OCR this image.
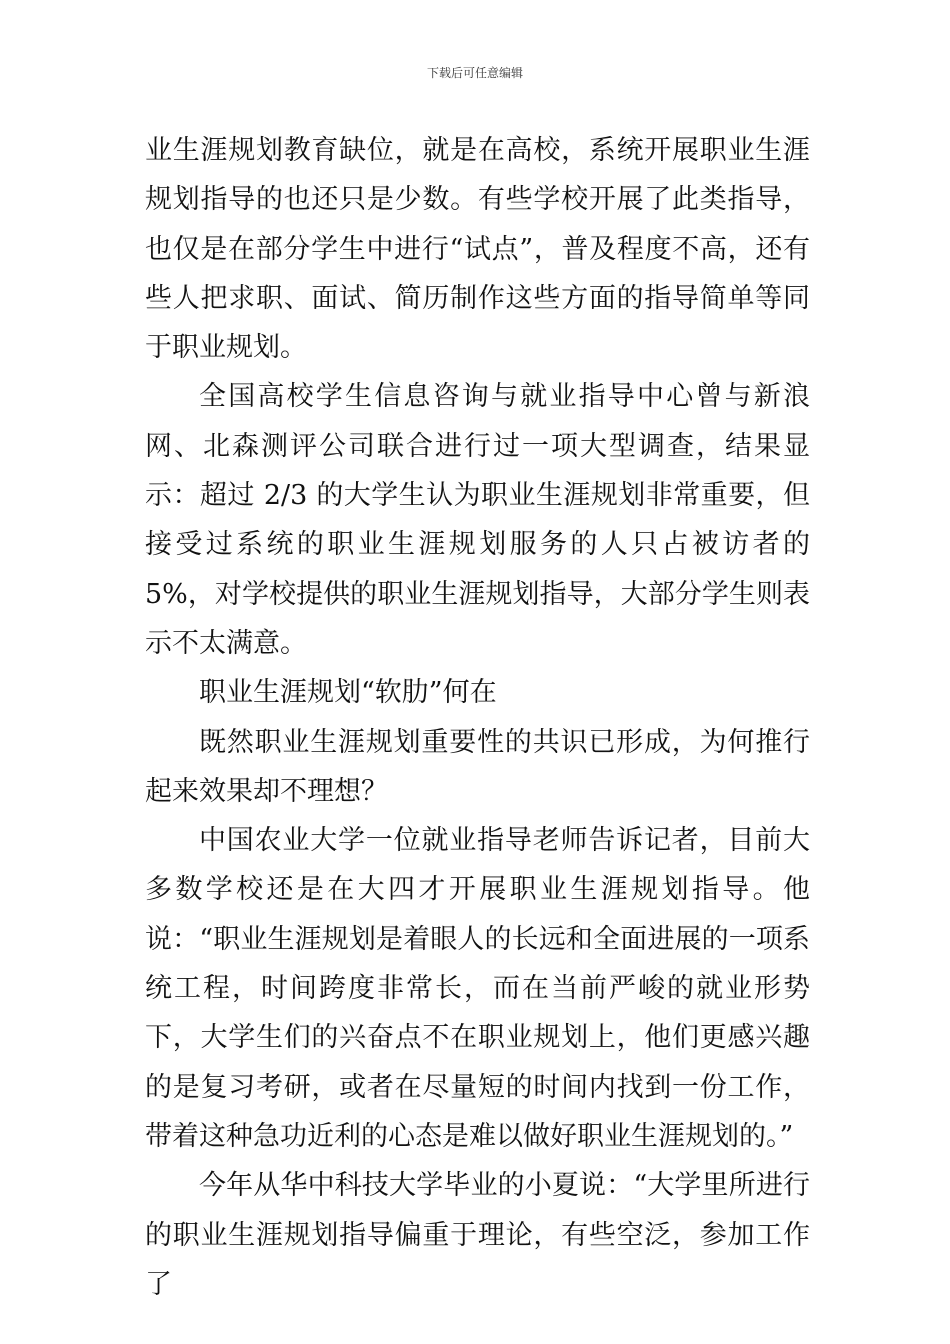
下载后可任意编辑

业生涯规划教育缺位，就是在高校，系统开展职业生涯规划指导的也还只是少数。有些学校开展了此类指导，也仅是在部分学生中进行“试点”，普及程度不高，还有些人把求职、面试、简历制作这些方面的指导简单等同于职业规划。

全国高校学生信息咨询与就业指导中心曾与新浪网、北森测评公司联合进行过一项大型调查，结果显示：超过 2/3 的大学生认为职业生涯规划非常重要，但接受过系统的职业生涯规划服务的人只占被访者的 5%，对学校提供的职业生涯规划指导，大部分学生则表示不太满意。

职业生涯规划“软肋”何在

既然职业生涯规划重要性的共识已形成，为何推行起来效果却不理想？

中国农业大学一位就业指导老师告诉记者，目前大多数学校还是在大四才开展职业生涯规划指导。他说：“职业生涯规划是着眼人的长远和全面进展的一项系统工程，时间跨度非常长，而在当前严峻的就业形势下，大学生们的兴奋点不在职业规划上，他们更感兴趣的是复习考研，或者在尽量短的时间内找到一份工作，带着这种急功近利的心态是难以做好职业生涯规划的。”

今年从华中科技大学毕业的小夏说：“大学里所进行的职业生涯规划指导偏重于理论，有些空泛，参加工作了
